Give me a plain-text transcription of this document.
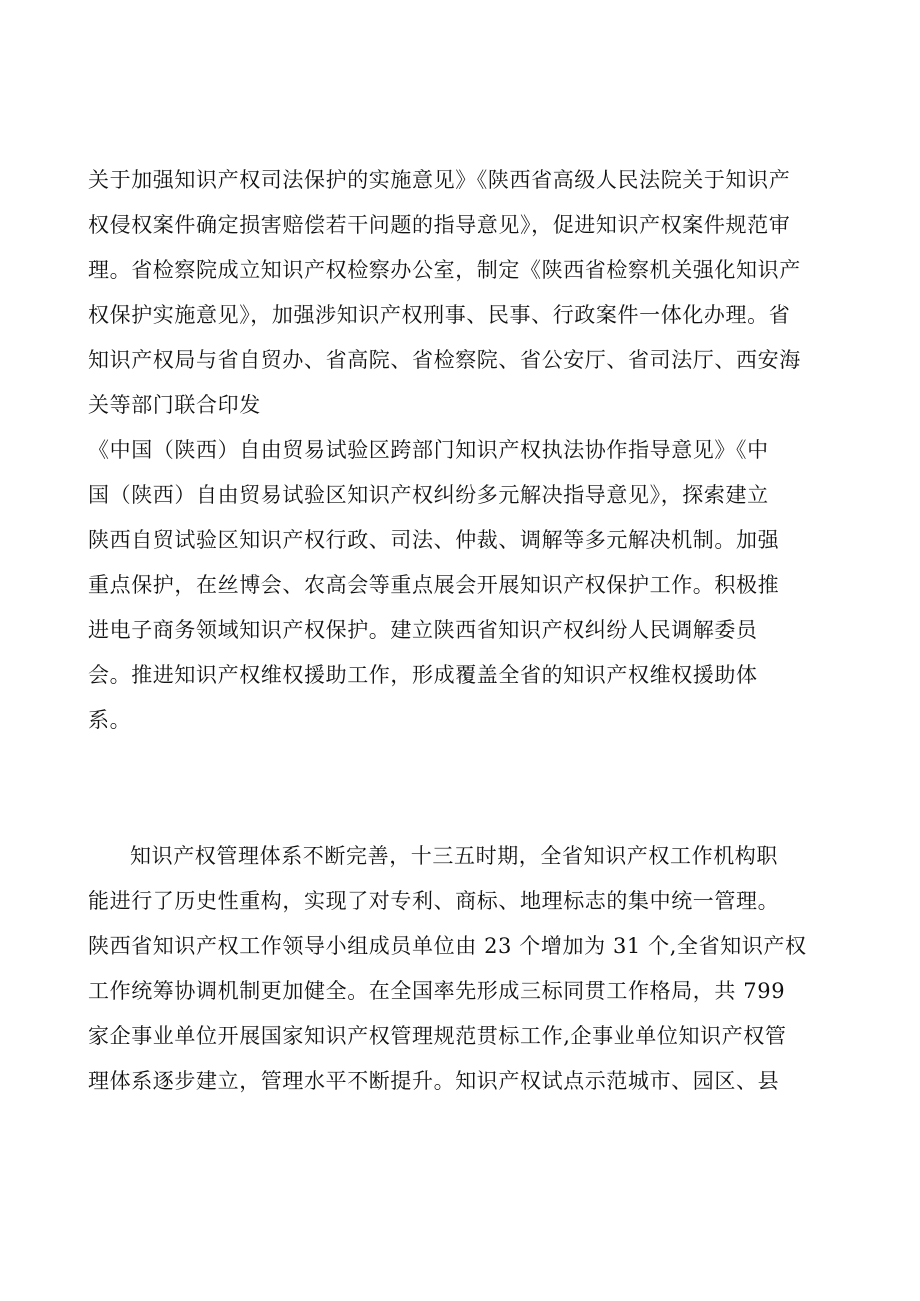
关于加强知识产权司法保护的实施意见》《陕西省高级人民法院关于知识产
权侵权案件确定损害赔偿若干问题的指导意见》，促进知识产权案件规范审
理。省检察院成立知识产权检察办公室，制定《陕西省检察机关强化知识产
权保护实施意见》，加强涉知识产权刑事、民事、行政案件一体化办理。省
知识产权局与省自贸办、省高院、省检察院、省公安厅、省司法厅、西安海
关等部门联合印发
《中国（陕西）自由贸易试验区跨部门知识产权执法协作指导意见》《中
国（陕西）自由贸易试验区知识产权纠纷多元解决指导意见》，探索建立
陕西自贸试验区知识产权行政、司法、仲裁、调解等多元解决机制。加强
重点保护，在丝博会、农高会等重点展会开展知识产权保护工作。积极推
进电子商务领域知识产权保护。建立陕西省知识产权纠纷人民调解委员
会。推进知识产权维权援助工作，形成覆盖全省的知识产权维权援助体
系。
知识产权管理体系不断完善，十三五时期，全省知识产权工作机构职
能进行了历史性重构，实现了对专利、商标、地理标志的集中统一管理。
陕西省知识产权工作领导小组成员单位由 23 个增加为 31 个,全省知识产权
工作统筹协调机制更加健全。在全国率先形成三标同贯工作格局，共 799
家企事业单位开展国家知识产权管理规范贯标工作,企事业单位知识产权管
理体系逐步建立，管理水平不断提升。知识产权试点示范城市、园区、县
